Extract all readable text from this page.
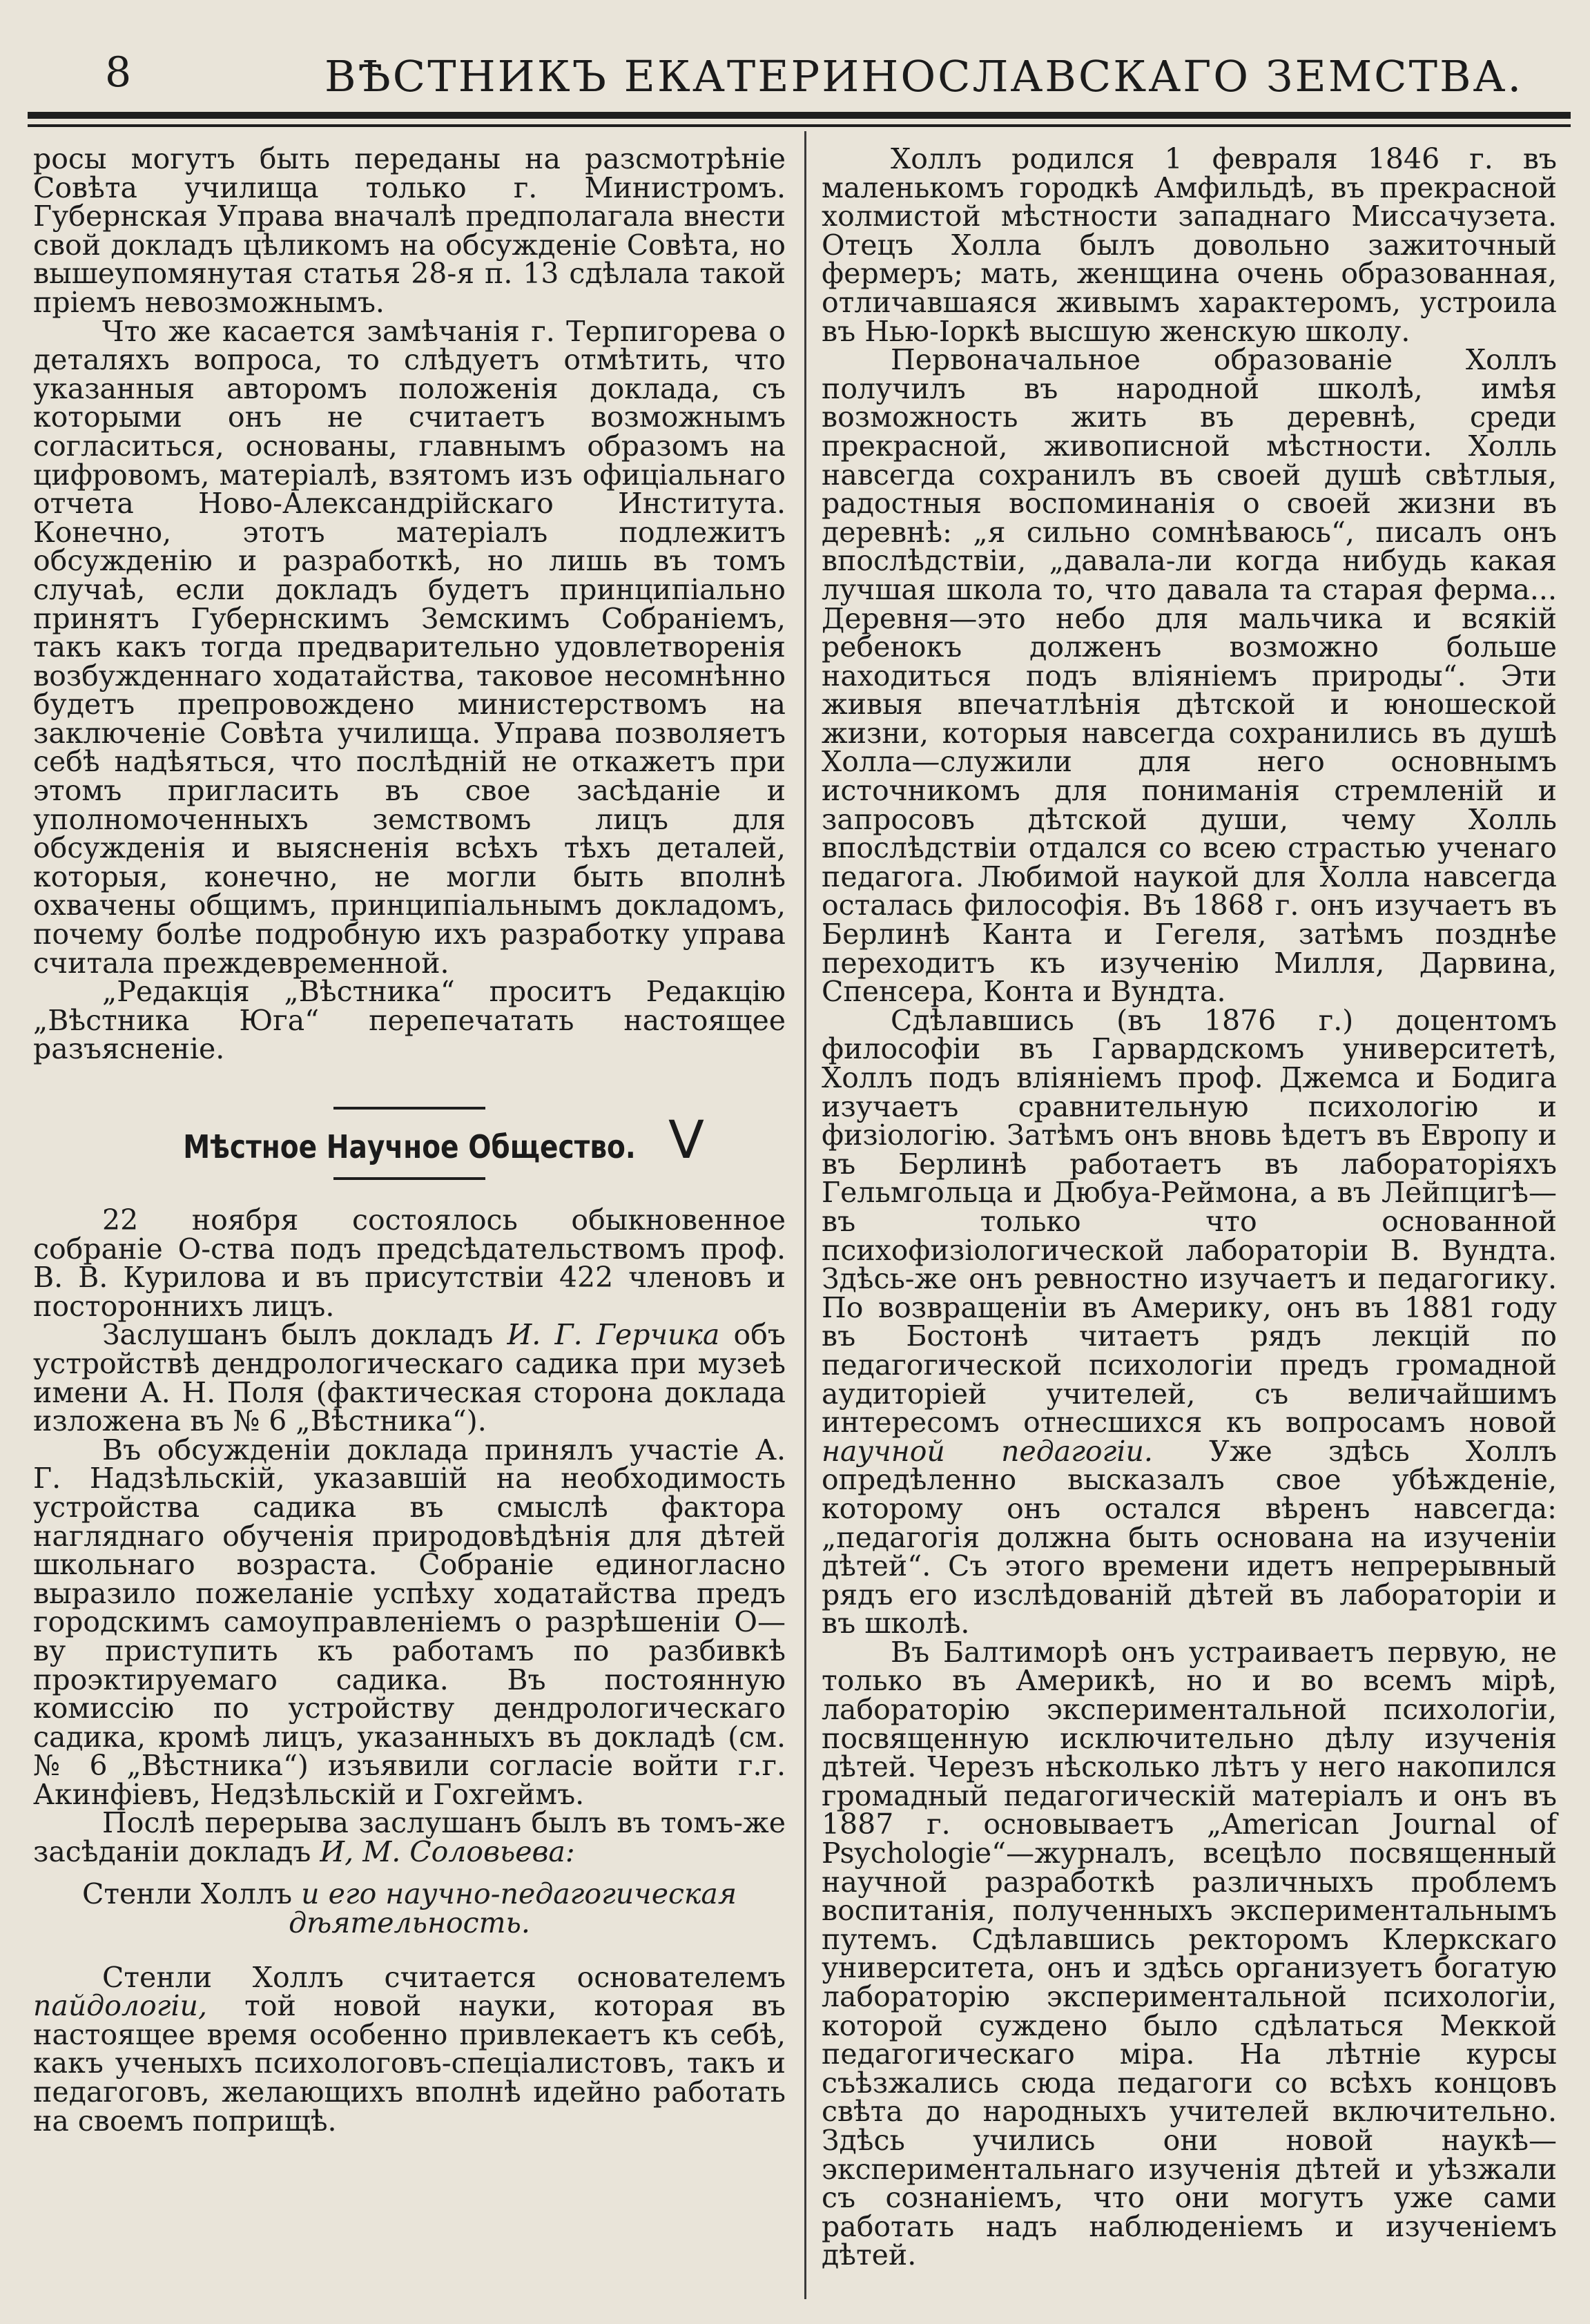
8	ВѢСТНИКЪ ЕКАТЕРИНОСЛАВСКАГО ЗЕМСТВА.

росы могутъ быть переданы на разсмотрѣніе Совѣта училища только г. Министромъ. Губернская Управа вначалѣ предполагала внести свой докладъ цѣликомъ на обсужденіе Совѣта, но вышеупомянутая статья 28-я п. 13 сдѣлала такой пріемъ невозможнымъ.

Что же касается замѣчанія г. Терпигорева о деталяхъ вопроса, то слѣдуетъ отмѣтить, что указанныя авторомъ положенія доклада, съ которыми онъ не считаетъ возможнымъ согласиться, основаны, главнымъ образомъ на цифровомъ, матеріалѣ, взятомъ изъ офиціальнаго отчета Ново-Александрійскаго Института. Конечно, этотъ матеріалъ подлежитъ обсужденію и разработкѣ, но лишь въ томъ случаѣ, если докладъ будетъ принципіально принятъ Губернскимъ Земскимъ Собраніемъ, такъ какъ тогда предварительно удовлетворенія возбужденнаго ходатайства, таковое несомнѣнно будетъ препровождено министерствомъ на заключеніе Совѣта училища. Управа позволяетъ себѣ надѣяться, что послѣдній не откажетъ при этомъ пригласить въ свое засѣданіе и уполномоченныхъ земствомъ лицъ для обсужденія и выясненія всѣхъ тѣхъ деталей, которыя, конечно, не могли быть вполнѣ охвачены общимъ, принципіальнымъ докладомъ, почему болѣе подробную ихъ разработку управа считала преждевременной.

„Редакція „Вѣстника“ проситъ Редакцію „Вѣстника Юга“ перепечатать настоящее разъясненіе.

Мѣстное Научное Общество. V

22 ноября состоялось обыкновенное собраніе О-ства подъ предсѣдательствомъ проф. В. В. Курилова и въ присутствіи 422 членовъ и постороннихъ лицъ.

Заслушанъ былъ докладъ И. Г. Герчика объ устройствѣ дендрологическаго садика при музеѣ имени А. Н. Поля (фактическая сторона доклада изложена въ № 6 „Вѣстника“).

Въ обсужденіи доклада принялъ участіе А. Г. Надзѣльскій, указавшій на необходимость устройства садика въ смыслѣ фактора нагляднаго обученія природовѣдѣнія для дѣтей школьнаго возраста. Собраніе единогласно выразило пожеланіе успѣху ходатайства предъ городскимъ самоуправленіемъ о разрѣшеніи О—ву приступить къ работамъ по разбивкѣ проэктируемаго садика. Въ постоянную комиссію по устройству дендрологическаго садика, кромѣ лицъ, указанныхъ въ докладѣ (см. № 6 „Вѣстника“) изъявили согласіе войти г.г. Акинфіевъ, Недзѣльскій и Гохгеймъ.

Послѣ перерыва заслушанъ былъ въ томъ-же засѣданіи докладъ И, М. Соловьева:

Стенли Холлъ и его научно-педагогическая дѣятельность.

Стенли Холлъ считается основателемъ пайдологіи, той новой науки, которая въ настоящее время особенно привлекаетъ къ себѣ, какъ ученыхъ психологовъ-спеціалистовъ, такъ и педагоговъ, желающихъ вполнѣ идейно работать на своемъ поприщѣ.

Холлъ родился 1 февраля 1846 г. въ маленькомъ городкѣ Амфильдѣ, въ прекрасной холмистой мѣстности западнаго Миссачузета. Отецъ Холла былъ довольно зажиточный фермеръ; мать, женщина очень образованная, отличавшаяся живымъ характеромъ, устроила въ Нью-Іоркѣ высшую женскую школу.

Первоначальное образованіе Холлъ получилъ въ народной школѣ, имѣя возможность жить въ деревнѣ, среди прекрасной, живописной мѣстности. Холль навсегда сохранилъ въ своей душѣ свѣтлыя, радостныя воспоминанія о своей жизни въ деревнѣ: „я сильно сомнѣваюсь“, писалъ онъ впослѣдствіи, „давала-ли когда нибудь какая лучшая школа то, что давала та старая ферма... Деревня—это небо для мальчика и всякій ребенокъ долженъ возможно больше находиться подъ вліяніемъ природы“. Эти живыя впечатлѣнія дѣтской и юношеской жизни, которыя навсегда сохранились въ душѣ Холла—служили для него основнымъ источникомъ для пониманія стремленій и запросовъ дѣтской души, чему Холль впослѣдствіи отдался со всею страстью ученаго педагога. Любимой наукой для Холла навсегда осталась философія. Въ 1868 г. онъ изучаетъ въ Берлинѣ Канта и Гегеля, затѣмъ позднѣе переходитъ къ изученію Милля, Дарвина, Спенсера, Конта и Вундта.

Сдѣлавшись (въ 1876 г.) доцентомъ философіи въ Гарвардскомъ университетѣ, Холлъ подъ вліяніемъ проф. Джемса и Бодига изучаетъ сравнительную психологію и физіологію. Затѣмъ онъ вновь ѣдетъ въ Европу и въ Берлинѣ работаетъ въ лабораторіяхъ Гельмгольца и Дюбуа-Реймона, а въ Лейпцигѣ—въ только что основанной психофизіологической лабораторіи В. Вундта. Здѣсь-же онъ ревностно изучаетъ и педагогику. По возвращеніи въ Америку, онъ въ 1881 году въ Бостонѣ читаетъ рядъ лекцій по педагогической психологіи предъ громадной аудиторіей учителей, съ величайшимъ интересомъ отнесшихся къ вопросамъ новой научной педагогіи. Уже здѣсь Холлъ опредѣленно высказалъ свое убѣжденіе, которому онъ остался вѣренъ навсегда: „педагогія должна быть основана на изученіи дѣтей“. Съ этого времени идетъ непрерывный рядъ его изслѣдованій дѣтей въ лабораторіи и въ школѣ.

Въ Балтиморѣ онъ устраиваетъ первую, не только въ Америкѣ, но и во всемъ мірѣ, лабораторію экспериментальной психологіи, посвященную исключительно дѣлу изученія дѣтей. Черезъ нѣсколько лѣтъ у него накопился громадный педагогическій матеріалъ и онъ въ 1887 г. основываетъ „American Journal of Psychologie“—журналъ, всецѣло посвященный научной разработкѣ различныхъ проблемъ воспитанія, полученныхъ экспериментальнымъ путемъ. Сдѣлавшись ректоромъ Клеркскаго университета, онъ и здѣсь организуетъ богатую лабораторію экспериментальной психологіи, которой суждено было сдѣлаться Меккой педагогическаго міра. На лѣтніе курсы съѣзжались сюда педагоги со всѣхъ концовъ свѣта до народныхъ учителей включительно. Здѣсь учились они новой наукѣ—экспериментальнаго изученія дѣтей и уѣзжали съ сознаніемъ, что они могутъ уже сами работать надъ наблюденіемъ и изученіемъ дѣтей.
